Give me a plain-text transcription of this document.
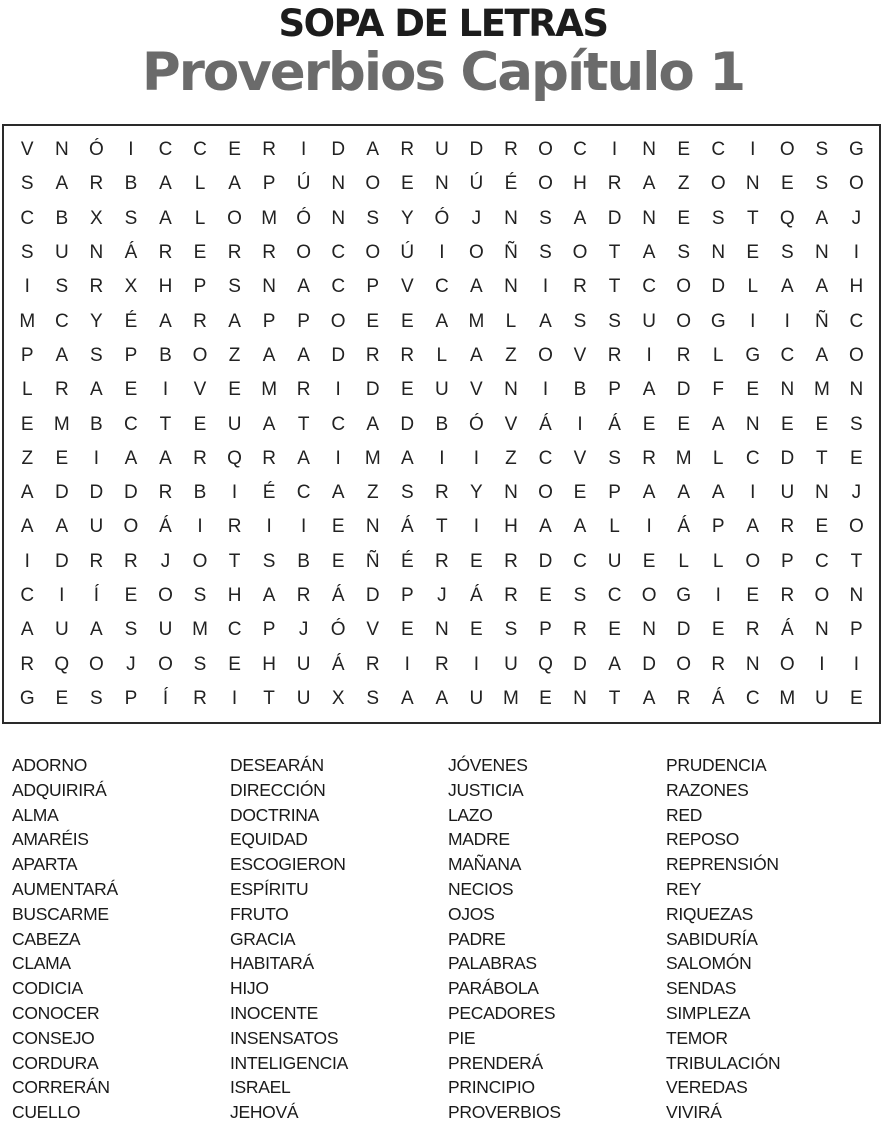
SOPA DE LETRAS
Proverbios Capítulo 1
V	N	Ó	I	C	C	E	R	I	D	A	R	U	D	R	O	C	I	N	E	C	I	O	S	G
S	A	R	B	A	L	A	P	Ú	N	O	E	N	Ú	É	O	H	R	A	Z	O	N	E	S	O
C	B	X	S	A	L	O	M	Ó	N	S	Y	Ó	J	N	S	A	D	N	E	S	T	Q	A	J
S	U	N	Á	R	E	R	R	O	C	O	Ú	I	O	Ñ	S	O	T	A	S	N	E	S	N	I
I	S	R	X	H	P	S	N	A	C	P	V	C	A	N	I	R	T	C	O	D	L	A	A	H
M	C	Y	É	A	R	A	P	P	O	E	E	A	M	L	A	S	S	U	O	G	I	I	Ñ	C
P	A	S	P	B	O	Z	A	A	D	R	R	L	A	Z	O	V	R	I	R	L	G	C	A	O
L	R	A	E	I	V	E	M	R	I	D	E	U	V	N	I	B	P	A	D	F	E	N	M	N
E	M	B	C	T	E	U	A	T	C	A	D	B	Ó	V	Á	I	Á	E	E	A	N	E	E	S
Z	E	I	A	A	R	Q	R	A	I	M	A	I	I	Z	C	V	S	R	M	L	C	D	T	E
A	D	D	D	R	B	I	É	C	A	Z	S	R	Y	N	O	E	P	A	A	A	I	U	N	J
A	A	U	O	Á	I	R	I	I	E	N	Á	T	I	H	A	A	L	I	Á	P	A	R	E	O
I	D	R	R	J	O	T	S	B	E	Ñ	É	R	E	R	D	C	U	E	L	L	O	P	C	T
C	I	Í	E	O	S	H	A	R	Á	D	P	J	Á	R	E	S	C	O	G	I	E	R	O	N
A	U	A	S	U	M	C	P	J	Ó	V	E	N	E	S	P	R	E	N	D	E	R	Á	N	P
R	Q	O	J	O	S	E	H	U	Á	R	I	R	I	U	Q	D	A	D	O	R	N	O	I	I
G	E	S	P	Í	R	I	T	U	X	S	A	A	U	M	E	N	T	A	R	Á	C	M	U	E
ADORNO
ADQUIRIRÁ
ALMA
AMARÉIS
APARTA
AUMENTARÁ
BUSCARME
CABEZA
CLAMA
CODICIA
CONOCER
CONSEJO
CORDURA
CORRERÁN
CUELLO
DESEARÁN
DIRECCIÓN
DOCTRINA
EQUIDAD
ESCOGIERON
ESPÍRITU
FRUTO
GRACIA
HABITARÁ
HIJO
INOCENTE
INSENSATOS
INTELIGENCIA
ISRAEL
JEHOVÁ
JÓVENES
JUSTICIA
LAZO
MADRE
MAÑANA
NECIOS
OJOS
PADRE
PALABRAS
PARÁBOLA
PECADORES
PIE
PRENDERÁ
PRINCIPIO
PROVERBIOS
PRUDENCIA
RAZONES
RED
REPOSO
REPRENSIÓN
REY
RIQUEZAS
SABIDURÍA
SALOMÓN
SENDAS
SIMPLEZA
TEMOR
TRIBULACIÓN
VEREDAS
VIVIRÁ
